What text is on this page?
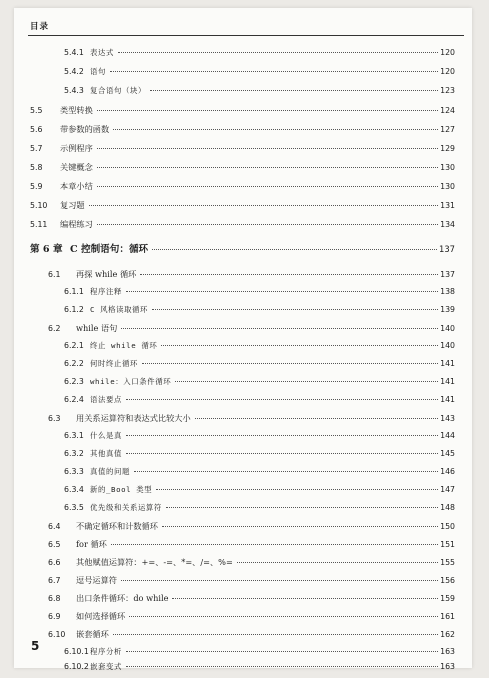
目录
5.4.1 表达式	120
5.4.2 语句	120
5.4.3 复合语句（块）	123
5.5	类型转换	124
5.6	带参数的函数	127
5.7	示例程序	129
5.8	关键概念	130
5.9	本章小结	130
5.10	复习题	131
5.11	编程练习	134
第 6 章 C 控制语句：循环	137
6.1	再探 while 循环	137
6.1.1 程序注释	138
6.1.2 C 风格读取循环	139
6.2	while 语句	140
6.2.1 终止 while 循环	140
6.2.2 何时终止循环	141
6.2.3 while：入口条件循环	141
6.2.4 语法要点	141
6.3	用关系运算符和表达式比较大小	143
6.3.1 什么是真	144
6.3.2 其他真值	145
6.3.3 真值的问题	146
6.3.4 新的_Bool 类型	147
6.3.5 优先级和关系运算符	148
6.4	不确定循环和计数循环	150
6.5	for 循环	151
6.6	其他赋值运算符：+=、-=、*=、/=、%=	155
6.7	逗号运算符	156
6.8	出口条件循环：do while	159
6.9	如何选择循环	161
6.10	嵌套循环	162
6.10.1 程序分析	163
6.10.2 嵌套变式	163
5
